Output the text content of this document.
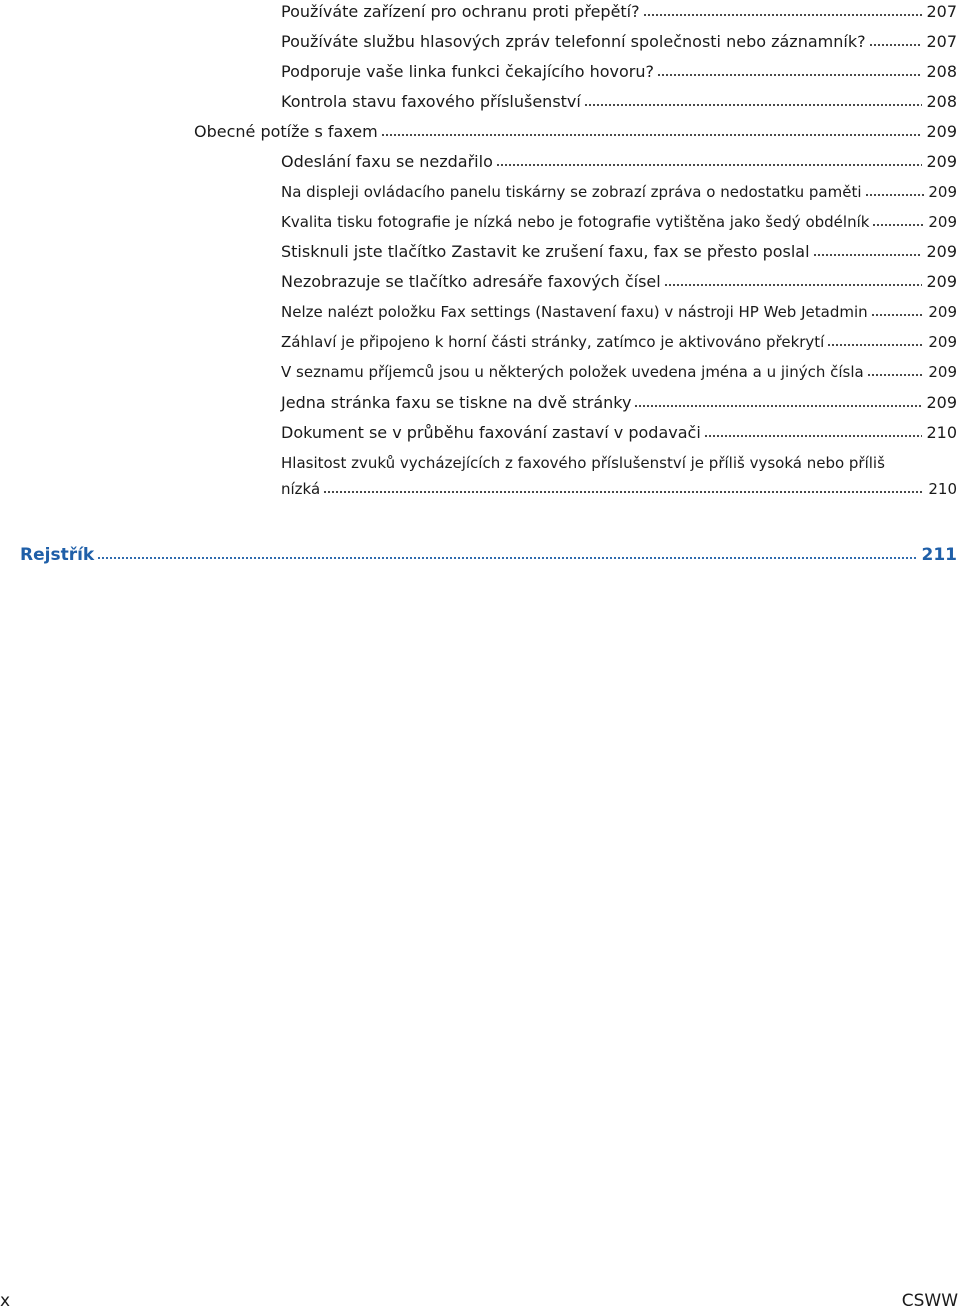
Používáte zařízení pro ochranu proti přepětí?	207
Používáte službu hlasových zpráv telefonní společnosti nebo záznamník?	207
Podporuje vaše linka funkci čekajícího hovoru?	208
Kontrola stavu faxového příslušenství	208
Obecné potíže s faxem	209
Odeslání faxu se nezdařilo	209
Na displeji ovládacího panelu tiskárny se zobrazí zpráva o nedostatku paměti	209
Kvalita tisku fotografie je nízká nebo je fotografie vytištěna jako šedý obdélník	209
Stisknuli jste tlačítko Zastavit ke zrušení faxu, fax se přesto poslal	209
Nezobrazuje se tlačítko adresáře faxových čísel	209
Nelze nalézt položku Fax settings (Nastavení faxu) v nástroji HP Web Jetadmin	209
Záhlaví je připojeno k horní části stránky, zatímco je aktivováno překrytí	209
V seznamu příjemců jsou u některých položek uvedena jména a u jiných čísla	209
Jedna stránka faxu se tiskne na dvě stránky	209
Dokument se v průběhu faxování zastaví v podavači	210
Hlasitost zvuků vycházejících z faxového příslušenství je příliš vysoká nebo příliš
nízká	210
Rejstřík	211
x	CSWW
